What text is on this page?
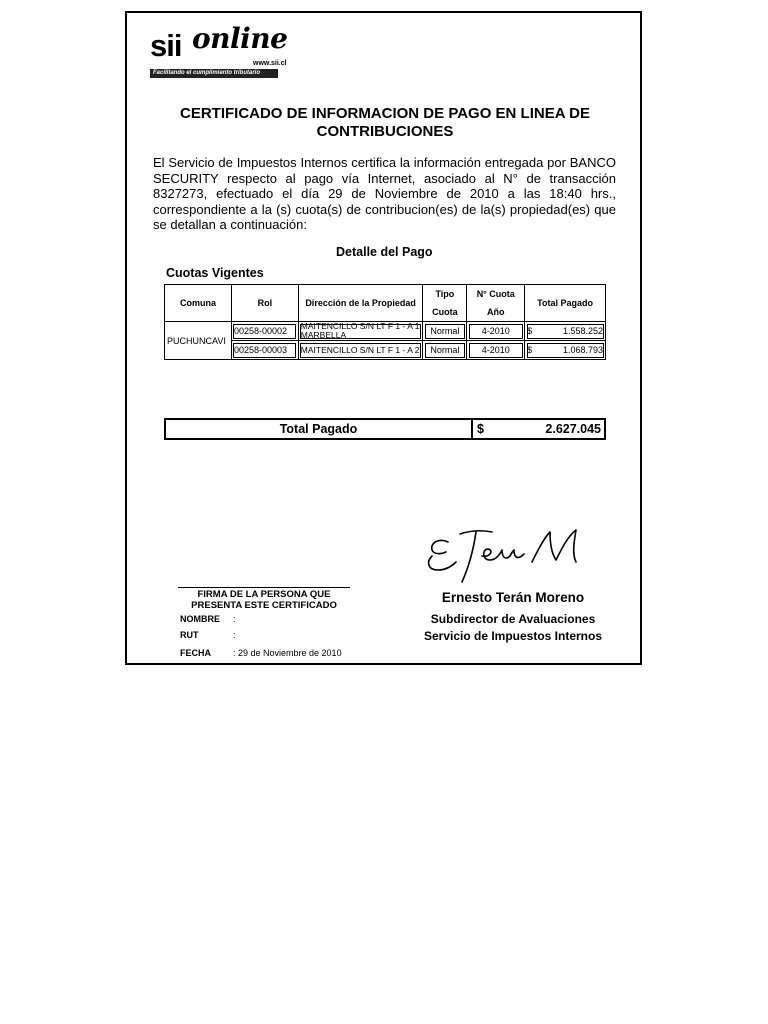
sii online
www.sii.cl
Facilitando el cumplimiento tributario
CERTIFICADO DE INFORMACION DE PAGO EN LINEA DE CONTRIBUCIONES
El Servicio de Impuestos Internos certifica la información entregada por BANCO SECURITY respecto al pago vía Internet, asociado al N° de transacción 8327273, efectuado el día 29 de Noviembre de 2010 a las 18:40 hrs., correspondiente a la (s) cuota(s) de contribucion(es) de la(s) propiedad(es) que se detallan a continuación:
Detalle del Pago
Cuotas Vigentes
Comuna	Rol	Dirección de la Propiedad	Tipo	N° Cuota	Total Pagado
			Cuota	Año	
PUCHUNCAVI	00258-00002	MAITENCILLO S/N LT F 1 - A 1 MARBELLA	Normal	4-2010	$ 1.558.252

	00258-00003	MAITENCILLO S/N LT F 1 - A 2	Normal	4-2010	$ 1.068.793
Total Pagado	$	2.627.045
FIRMA DE LA PERSONA QUE
PRESENTA ESTE CERTIFICADO
NOMBRE :
RUT	:
FECHA : 29 de Noviembre de 2010
Ernesto Terán Moreno
Subdirector de Avaluaciones
Servicio de Impuestos Internos
